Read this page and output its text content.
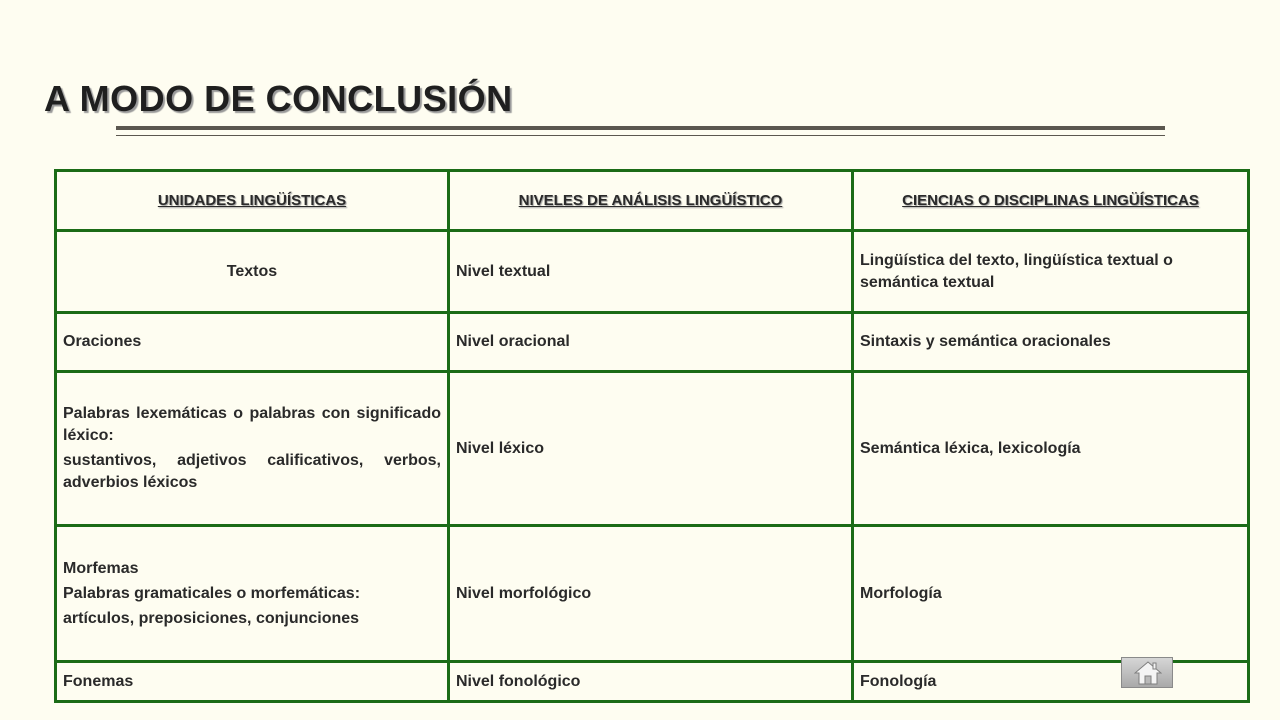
A MODO DE CONCLUSIÓN
UNIDADES LINGÜÍSTICAS	NIVELES DE ANÁLISIS LINGÜÍSTICO	CIENCIAS O DISCIPLINAS LINGÜÍSTICAS

Textos	Nivel textual	Lingüística del texto, lingüística textual o semántica textual

Oraciones	Nivel oracional	Sintaxis y semántica oracionales

Palabras lexemáticas o palabras con significado léxico:

sustantivos, adjetivos calificativos, verbos, adverbios léxicos	Nivel léxico	Semántica léxica, lexicología

Morfemas

Palabras gramaticales o morfemáticas:

artículos, preposiciones, conjunciones	Nivel morfológico	Morfología

Fonemas	Nivel fonológico	Fonología
